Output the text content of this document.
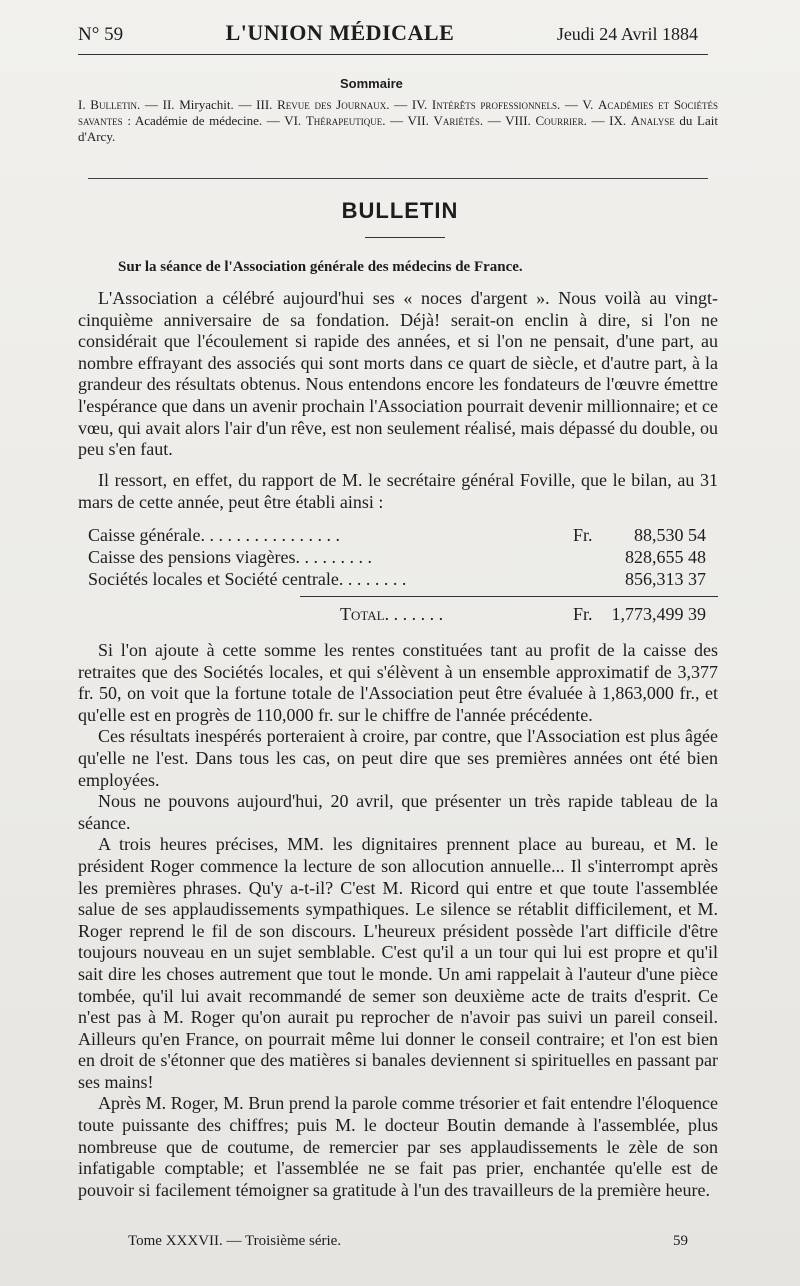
N° 59	L'UNION MÉDICALE	Jeudi 24 Avril 1884
Sommaire
I. Bulletin. — II. Miryachit. — III. Revue des Journaux. — IV. Intérêts professionnels. — V. Académies et Sociétés savantes : Académie de médecine. — VI. Thérapeutique. — VII. Variétés. — VIII. Courrier. — IX. Analyse du Lait d'Arcy.
BULLETIN
Sur la séance de l'Association générale des médecins de France.

L'Association a célébré aujourd'hui ses « noces d'argent ». Nous voilà au vingt-cinquième anniversaire de sa fondation. Déjà! serait-on enclin à dire, si l'on ne considérait que l'écoulement si rapide des années, et si l'on ne pensait, d'une part, au nombre effrayant des associés qui sont morts dans ce quart de siècle, et d'autre part, à la grandeur des résultats obtenus. Nous entendons encore les fondateurs de l'œuvre émettre l'espérance que dans un avenir prochain l'Association pourrait devenir millionnaire; et ce vœu, qui avait alors l'air d'un rêve, est non seulement réalisé, mais dépassé du double, ou peu s'en faut.

Il ressort, en effet, du rapport de M. le secrétaire général Foville, que le bilan, au 31 mars de cette année, peut être établi ainsi :

Caisse générale. . . . . . . . . . . . . . . .	Fr. 88,530 54
Caisse des pensions viagères. . . . . . . . .	828,655 48
Sociétés locales et Société centrale. . . . . . . .	856,313 37
Total. . . . . . .	Fr. 1,773,499 39

Si l'on ajoute à cette somme les rentes constituées tant au profit de la caisse des retraites que des Sociétés locales, et qui s'élèvent à un ensemble approximatif de 3,377 fr. 50, on voit que la fortune totale de l'Association peut être évaluée à 1,863,000 fr., et qu'elle est en progrès de 110,000 fr. sur le chiffre de l'année précédente.

Ces résultats inespérés porteraient à croire, par contre, que l'Association est plus âgée qu'elle ne l'est. Dans tous les cas, on peut dire que ses premières années ont été bien employées.

Nous ne pouvons aujourd'hui, 20 avril, que présenter un très rapide tableau de la séance.

A trois heures précises, MM. les dignitaires prennent place au bureau, et M. le président Roger commence la lecture de son allocution annuelle... Il s'interrompt après les premières phrases. Qu'y a-t-il? C'est M. Ricord qui entre et que toute l'assemblée salue de ses applaudissements sympathiques. Le silence se rétablit difficilement, et M. Roger reprend le fil de son discours. L'heureux président possède l'art difficile d'être toujours nouveau en un sujet semblable. C'est qu'il a un tour qui lui est propre et qu'il sait dire les choses autrement que tout le monde. Un ami rappelait à l'auteur d'une pièce tombée, qu'il lui avait recommandé de semer son deuxième acte de traits d'esprit. Ce n'est pas à M. Roger qu'on aurait pu reprocher de n'avoir pas suivi un pareil conseil. Ailleurs qu'en France, on pourrait même lui donner le conseil contraire; et l'on est bien en droit de s'étonner que des matières si banales deviennent si spirituelles en passant par ses mains!

Après M. Roger, M. Brun prend la parole comme trésorier et fait entendre l'éloquence toute puissante des chiffres; puis M. le docteur Boutin demande à l'assemblée, plus nombreuse que de coutume, de remercier par ses applaudissements le zèle de son infatigable comptable; et l'assemblée ne se fait pas prier, enchantée qu'elle est de pouvoir si facilement témoigner sa gratitude à l'un des travailleurs de la première heure.

Tome XXXVII. — Troisième série.	59
